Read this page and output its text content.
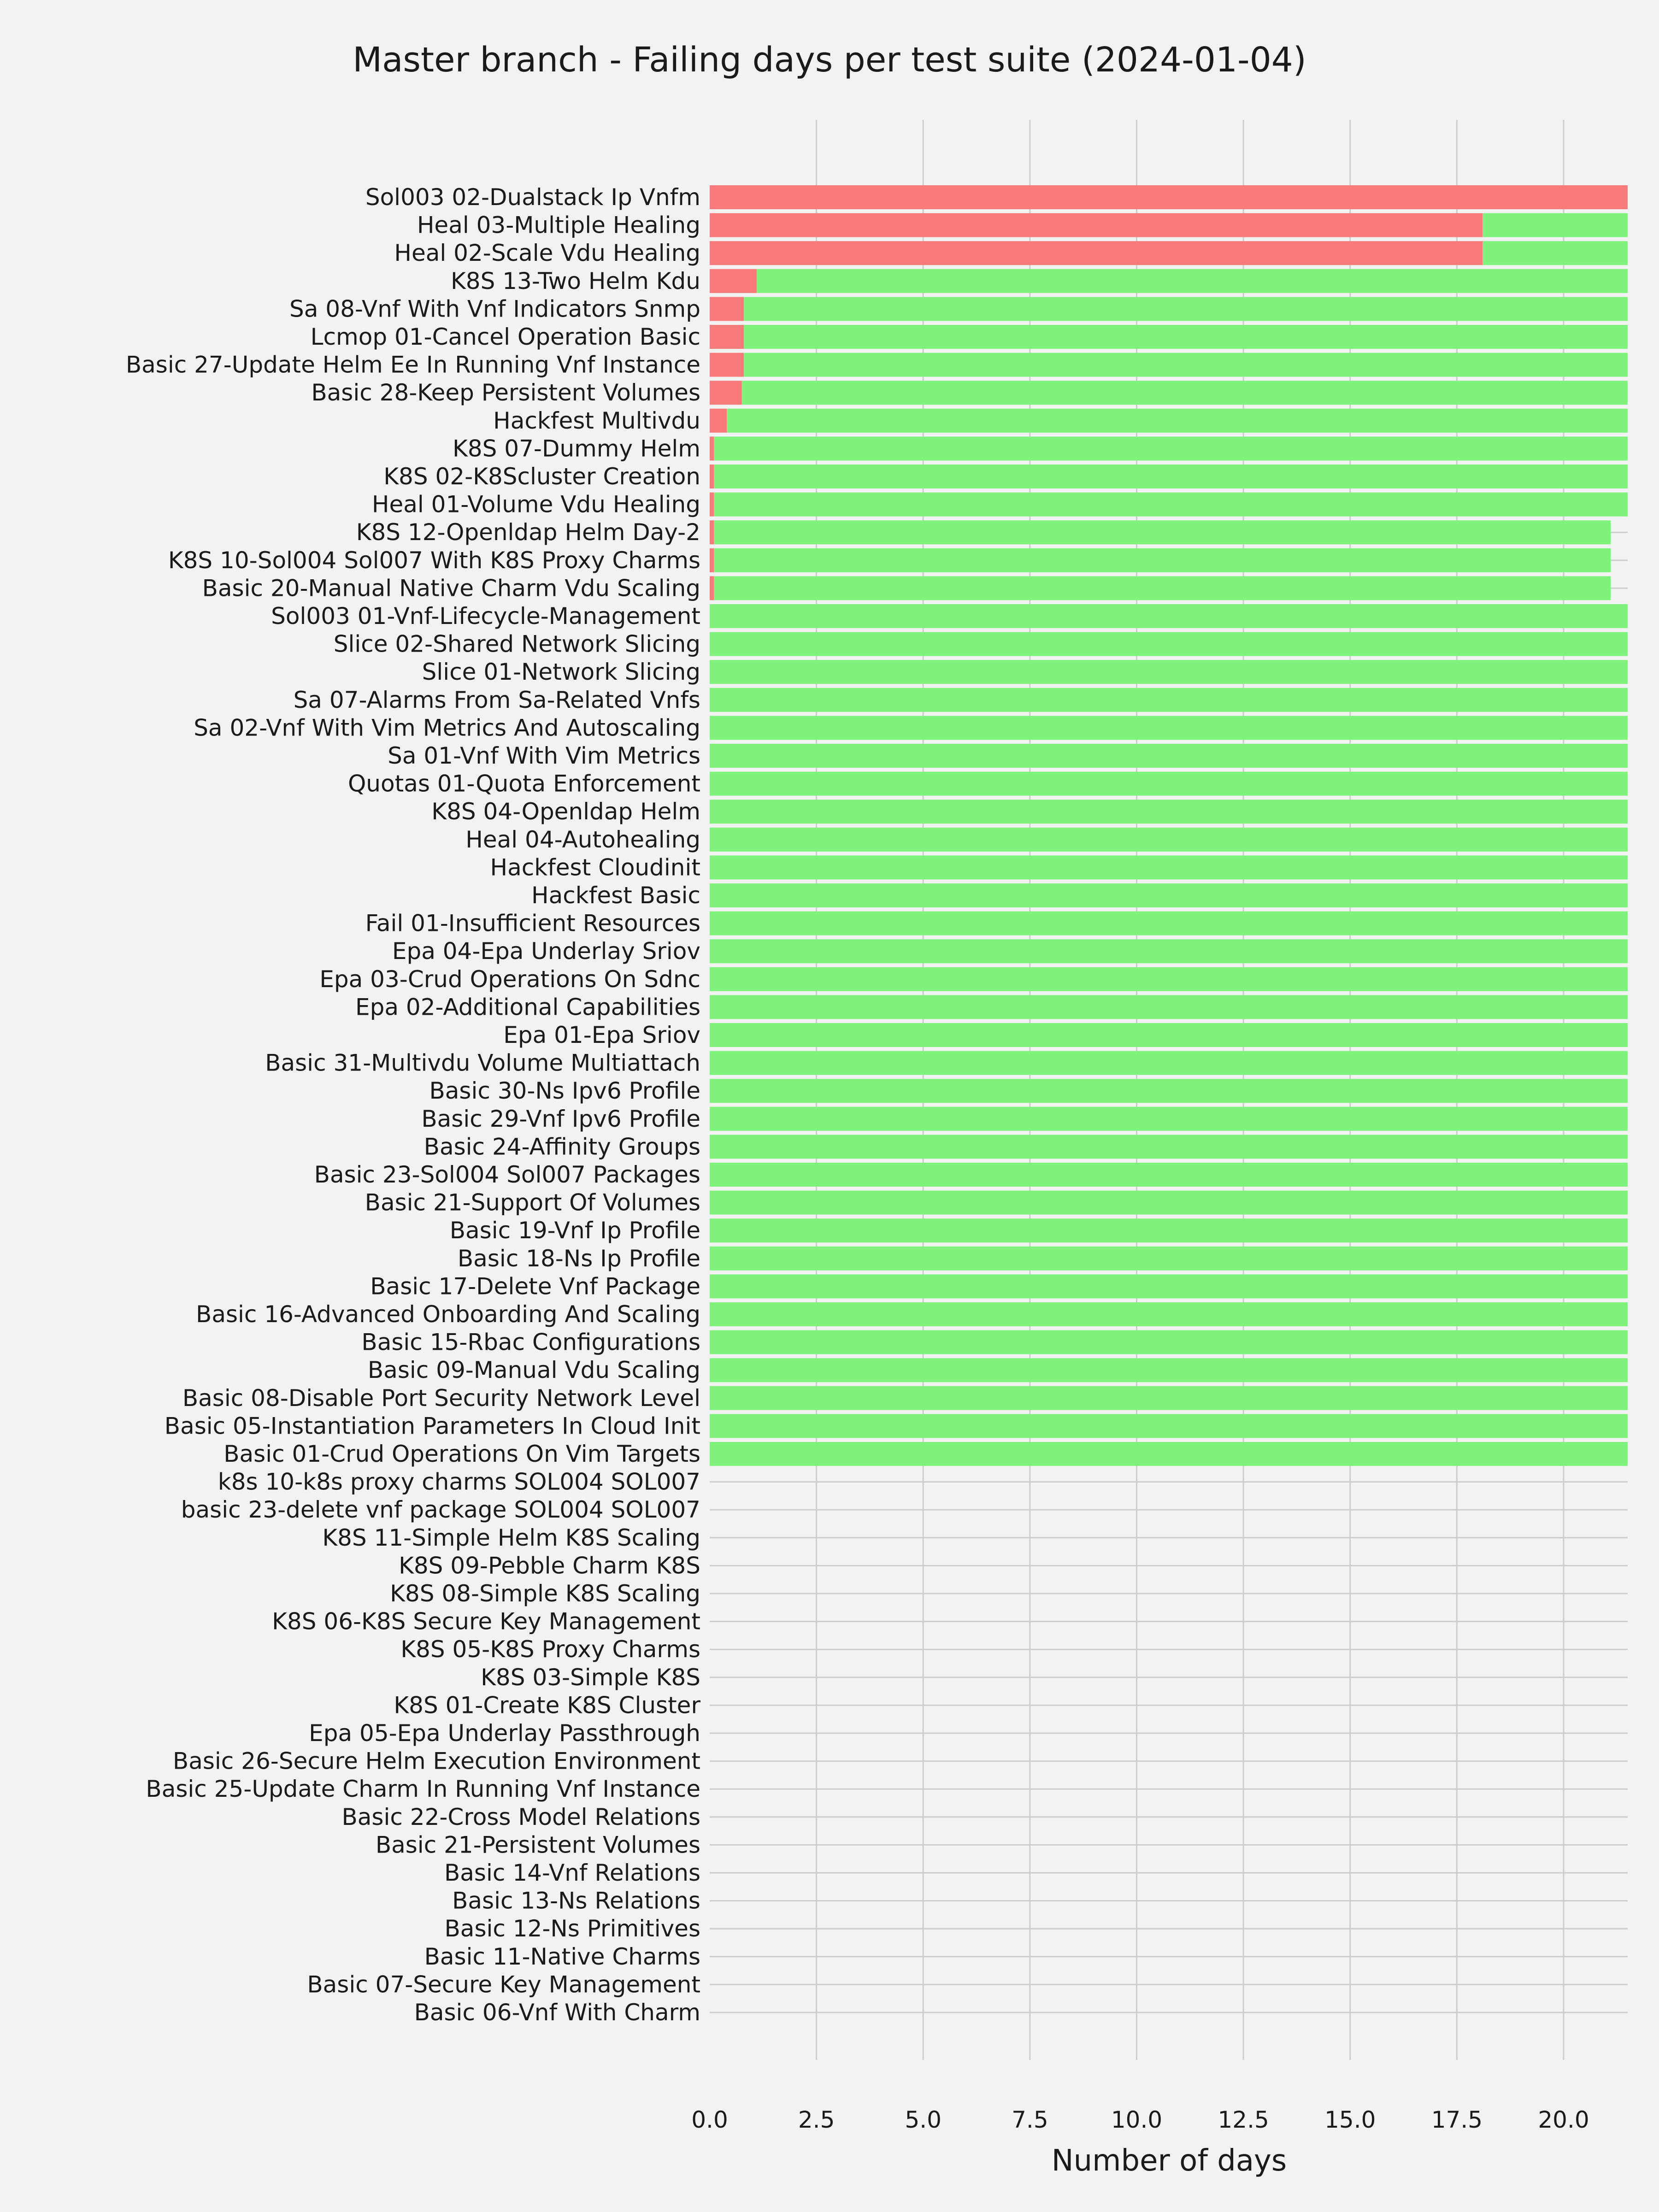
Master branch - Failing days per test suite (2024-01-04)
Sol003 02-Dualstack Ip Vnfm
Heal 03-Multiple Healing
Heal 02-Scale Vdu Healing
K8S 13-Two Helm Kdu
Sa 08-Vnf With Vnf Indicators Snmp
Lcmop 01-Cancel Operation Basic
Basic 27-Update Helm Ee In Running Vnf Instance
Basic 28-Keep Persistent Volumes
Hackfest Multivdu
K8S 07-Dummy Helm
K8S 02-K8Scluster Creation
Heal 01-Volume Vdu Healing
K8S 12-Openldap Helm Day-2
K8S 10-Sol004 Sol007 With K8S Proxy Charms
Basic 20-Manual Native Charm Vdu Scaling
Sol003 01-Vnf-Lifecycle-Management
Slice 02-Shared Network Slicing
Slice 01-Network Slicing
Sa 07-Alarms From Sa-Related Vnfs
Sa 02-Vnf With Vim Metrics And Autoscaling
Sa 01-Vnf With Vim Metrics
Quotas 01-Quota Enforcement
K8S 04-Openldap Helm
Heal 04-Autohealing
Hackfest Cloudinit
Hackfest Basic
Fail 01-Insufficient Resources
Epa 04-Epa Underlay Sriov
Epa 03-Crud Operations On Sdnc
Epa 02-Additional Capabilities
Epa 01-Epa Sriov
Basic 31-Multivdu Volume Multiattach
Basic 30-Ns Ipv6 Profile
Basic 29-Vnf Ipv6 Profile
Basic 24-Affinity Groups
Basic 23-Sol004 Sol007 Packages
Basic 21-Support Of Volumes
Basic 19-Vnf Ip Profile
Basic 18-Ns Ip Profile
Basic 17-Delete Vnf Package
Basic 16-Advanced Onboarding And Scaling
Basic 15-Rbac Configurations
Basic 09-Manual Vdu Scaling
Basic 08-Disable Port Security Network Level
Basic 05-Instantiation Parameters In Cloud Init
Basic 01-Crud Operations On Vim Targets
k8s 10-k8s proxy charms SOL004 SOL007
basic 23-delete vnf package SOL004 SOL007
K8S 11-Simple Helm K8S Scaling
K8S 09-Pebble Charm K8S
K8S 08-Simple K8S Scaling
K8S 06-K8S Secure Key Management
K8S 05-K8S Proxy Charms
K8S 03-Simple K8S
K8S 01-Create K8S Cluster
Epa 05-Epa Underlay Passthrough
Basic 26-Secure Helm Execution Environment
Basic 25-Update Charm In Running Vnf Instance
Basic 22-Cross Model Relations
Basic 21-Persistent Volumes
Basic 14-Vnf Relations
Basic 13-Ns Relations
Basic 12-Ns Primitives
Basic 11-Native Charms
Basic 07-Secure Key Management
Basic 06-Vnf With Charm
0.0	2.5	5.0	7.5	10.0 12.5 15.0 17.5 20.0
Number of days
